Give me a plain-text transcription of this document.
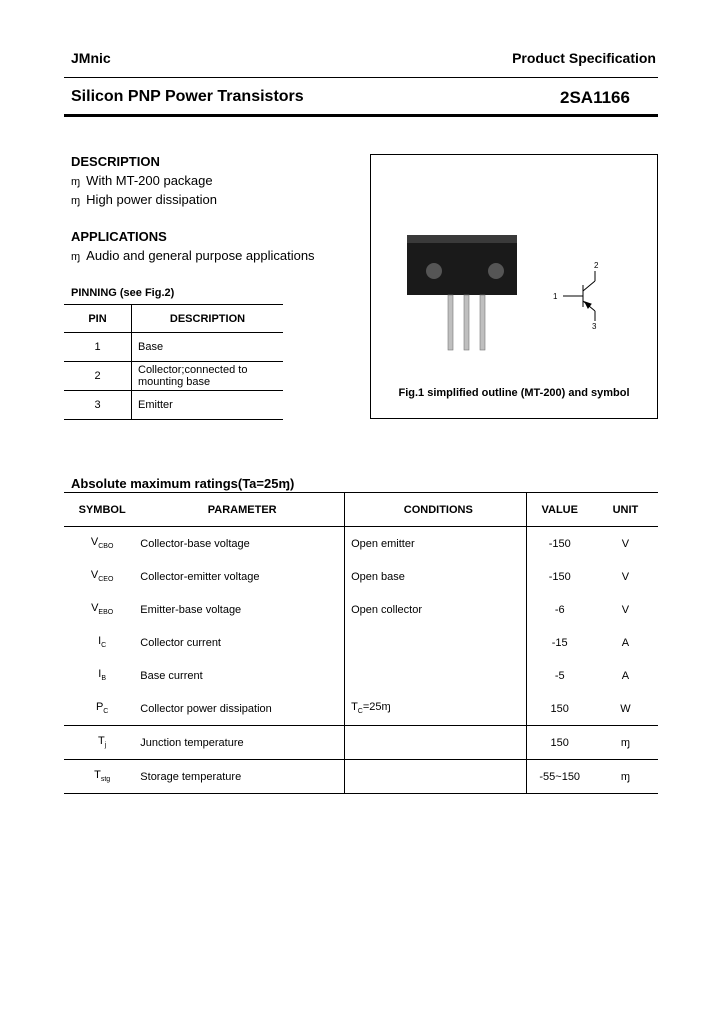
JMnic	Product Specification
Silicon PNP Power Transistors	2SA1166
DESCRIPTION
ɱ With MT-200 package
ɱ High power dissipation
APPLICATIONS
ɱ Audio and general purpose applications
PINNING (see Fig.2)
PIN	DESCRIPTION
1	Base
2	Collector;connected to mounting base
3	Emitter
1
2
3
Fig.1 simplified outline (MT-200) and symbol
Absolute maximum ratings(Ta=25ɱ)
SYMBOL	PARAMETER	CONDITIONS	VALUE	UNIT
$V_{CBO}$	Collector-base voltage	Open emitter	-150	V
$V_{CEO}$	Collector-emitter voltage	Open base	-150	V
$V_{EBO}$	Emitter-base voltage	Open collector	-6	V
$I_C$	Collector current		-15	A
$I_B$	Base current		-5	A
$P_C$	Collector power dissipation	$T_C=25ɱ$	150	W
$T_j$	Junction temperature		150	ɱ
$T_{stg}$	Storage temperature		-55~150	ɱ
